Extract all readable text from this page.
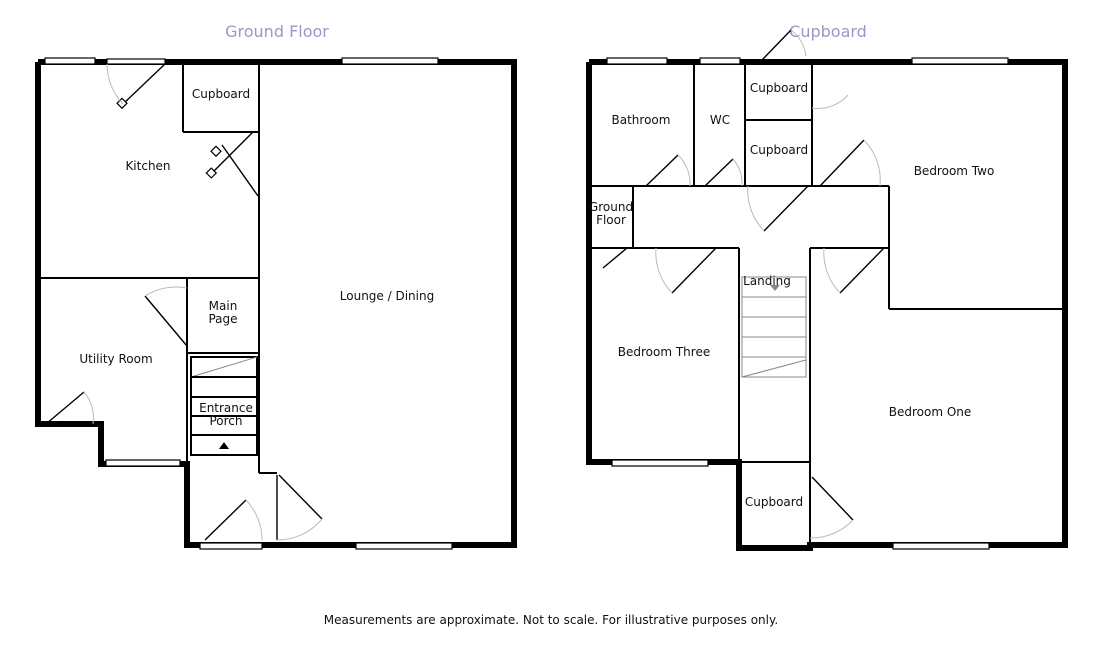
Ground Floor
Kitchen
Cupboard
Utility Room
Main
Page
Entrance
Porch
Lounge / Dining
Cupboard
Bathroom	WC
Cupboard
Cupboard
Bedroom Two
Ground
Floor
Landing
Bedroom Three
Bedroom One
Cupboard
Measurements are approximate. Not to scale. For illustrative purposes only.
